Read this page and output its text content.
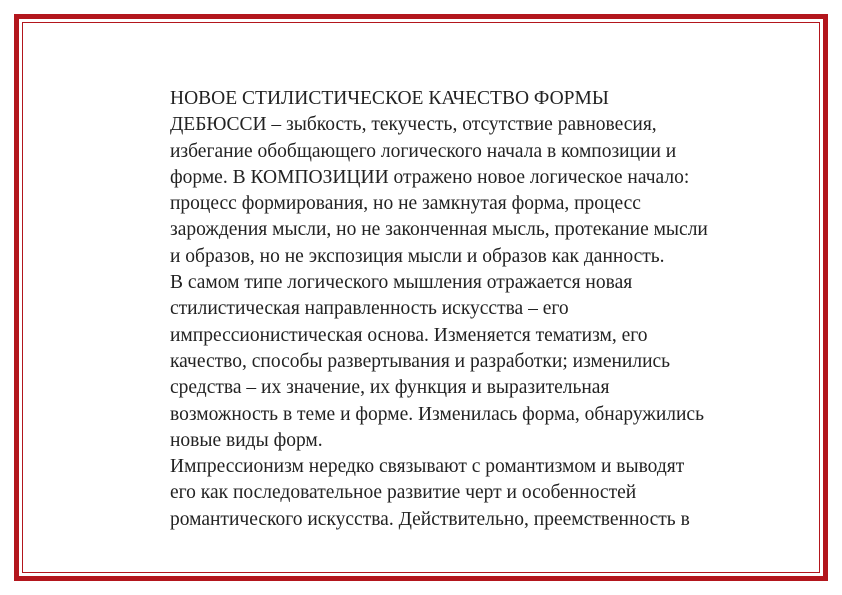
НОВОЕ СТИЛИСТИЧЕСКОЕ КАЧЕСТВО ФОРМЫ
ДЕБЮССИ – зыбкость, текучесть, отсутствие равновесия,
избегание обобщающего логического начала в композиции и
форме. В КОМПОЗИЦИИ отражено новое логическое начало:
процесс формирования, но не замкнутая форма, процесс
зарождения мысли, но не законченная мысль, протекание мысли
и образов, но не экспозиция мысли и образов как данность.

В самом типе логического мышления отражается новая
стилистическая направленность искусства – его
импрессионистическая основа. Изменяется тематизм, его
качество, способы развертывания и разработки; изменились
средства – их значение, их функция и выразительная
возможность в теме и форме. Изменилась форма, обнаружились
новые виды форм.

Импрессионизм нередко связывают с романтизмом и выводят
его как последовательное развитие черт и особенностей
романтического искусства. Действительно, преемственность в
